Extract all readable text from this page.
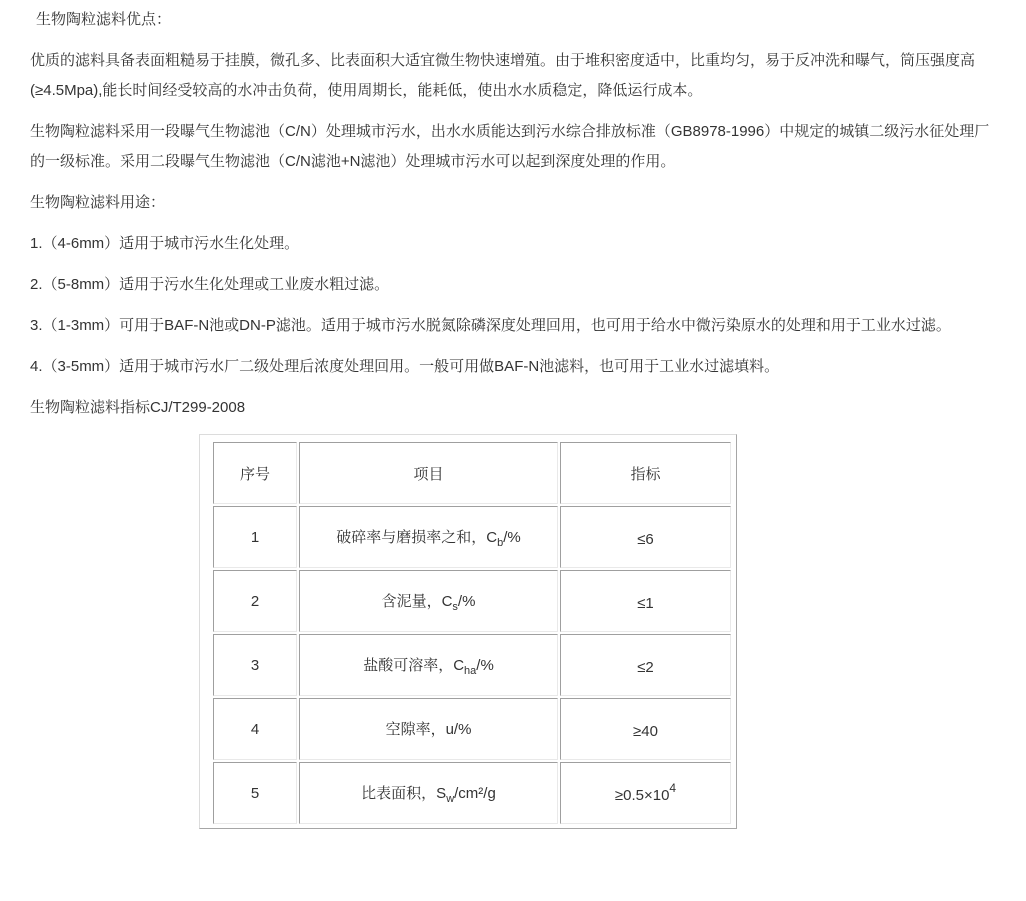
生物陶粒滤料优点：

优质的滤料具备表面粗糙易于挂膜，微孔多、比表面积大适宜微生物快速增殖。由于堆积密度适中，比重均匀，易于反冲洗和曝气，筒压强度高(≥4.5Mpa),能长时间经受较高的水冲击负荷，使用周期长，能耗低，使出水水质稳定，降低运行成本。

生物陶粒滤料采用一段曝气生物滤池（C/N）处理城市污水，出水水质能达到污水综合排放标准（GB8978-1996）中规定的城镇二级污水征处理厂的一级标准。采用二段曝气生物滤池（C/N滤池+N滤池）处理城市污水可以起到深度处理的作用。

生物陶粒滤料用途：

1.（4-6mm）适用于城市污水生化处理。

2.（5-8mm）适用于污水生化处理或工业废水粗过滤。

3.（1-3mm）可用于BAF-N池或DN-P滤池。适用于城市污水脱氮除磷深度处理回用，也可用于给水中微污染原水的处理和用于工业水过滤。

4.（3-5mm）适用于城市污水厂二级处理后浓度处理回用。一般可用做BAF-N池滤料，也可用于工业水过滤填料。

生物陶粒滤料指标CJ/T299-2008

序号	项目	指标
1	破碎率与磨损率之和，$C_b/\%$	≤6
2	含泥量，$C_s/\%$	≤1
3	盐酸可溶率，$C_{ha}/\%$	≤2
4	空隙率，u/%	≥40
5	比表面积，$S_w/cm^2/g$	$\ge 0.5\times 10^4$
